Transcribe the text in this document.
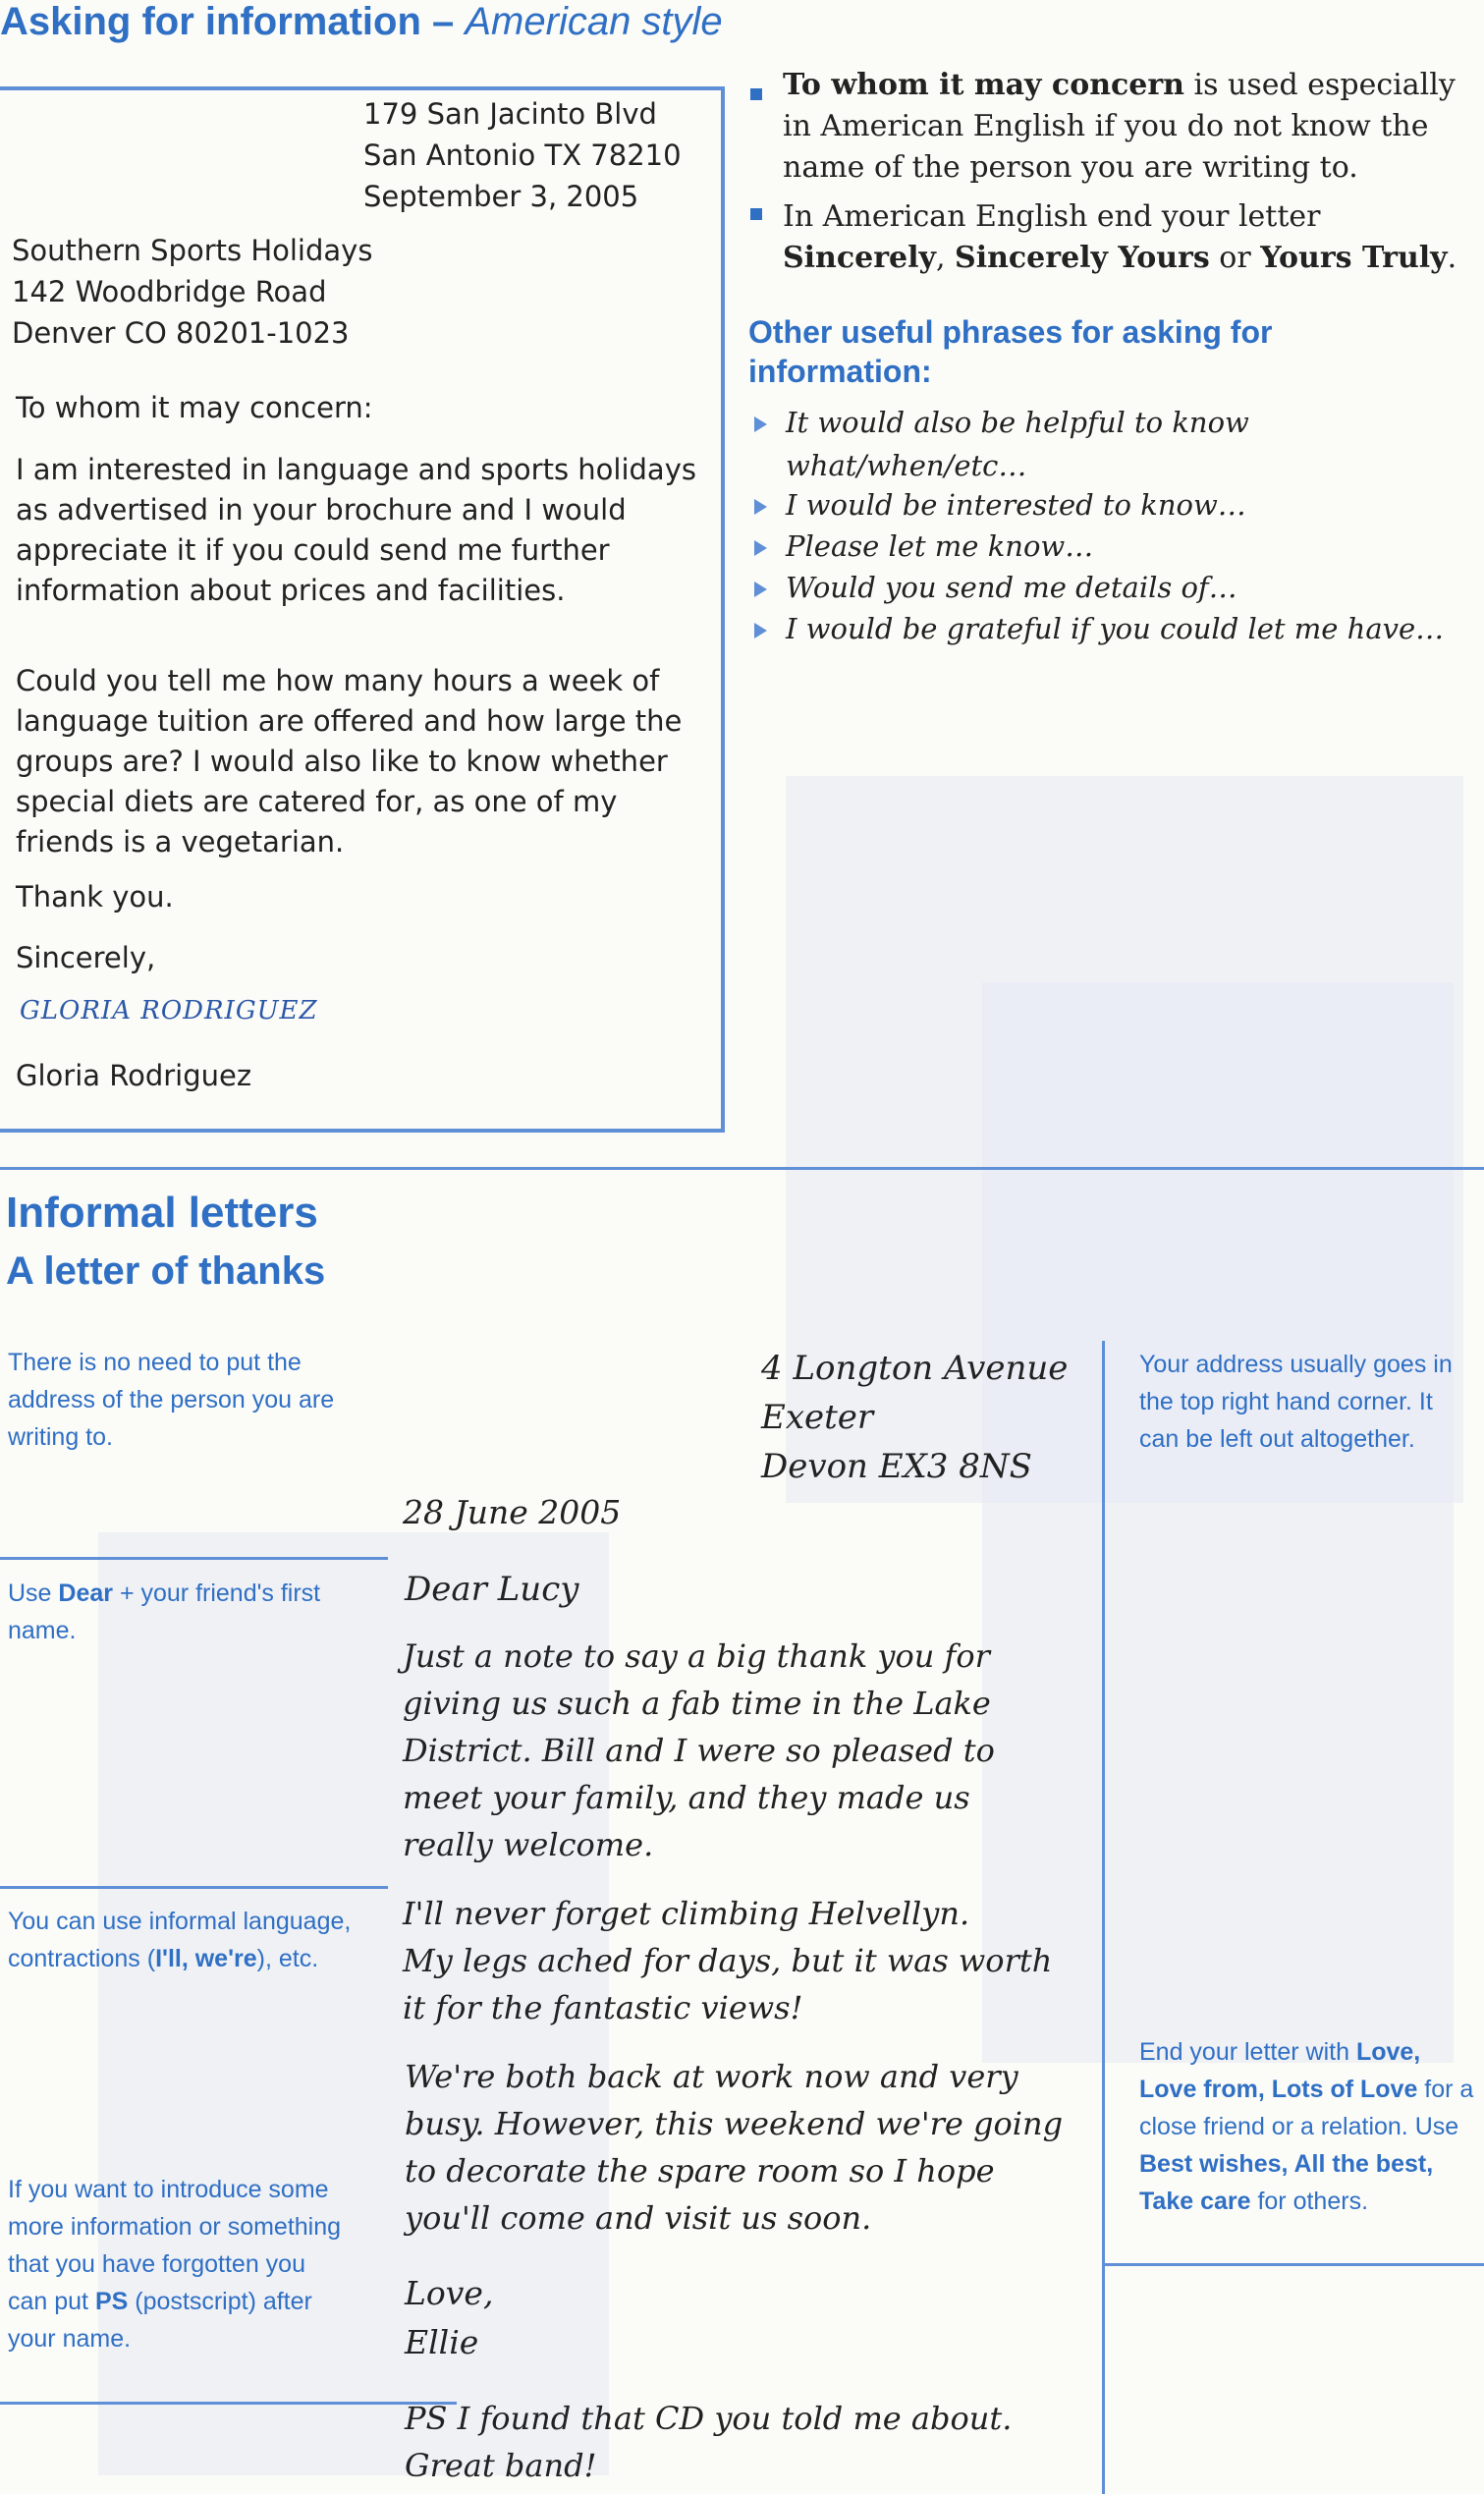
Asking for information – American style
179 San Jacinto Blvd
San Antonio TX 78210
September 3, 2005
Southern Sports Holidays
142 Woodbridge Road
Denver CO 80201-1023
To whom it may concern:
I am interested in language and sports holidays as advertised in your brochure and I would appreciate it if you could send me further information about prices and facilities.
Could you tell me how many hours a week of language tuition are offered and how large the groups are? I would also like to know whether special diets are catered for, as one of my friends is a vegetarian.
Thank you.
Sincerely,
GLORIA RODRIGUEZ
Gloria Rodriguez
To whom it may concern is used especially in American English if you do not know the name of the person you are writing to.
In American English end your letter Sincerely, Sincerely Yours or Yours Truly.
Other useful phrases for asking for information:
It would also be helpful to know
what/when/etc…
I would be interested to know…
Please let me know…
Would you send me details of…
I would be grateful if you could let me have…
Informal letters
A letter of thanks
There is no need to put the address of the person you are writing to.
Use Dear + your friend's first name.
You can use informal language, contractions (I'll, we're), etc.
If you want to introduce some more information or something that you have forgotten you can put PS (postscript) after your name.
Your address usually goes in the top right hand corner. It can be left out altogether.
End your letter with Love, Love from, Lots of Love for a close friend or a relation. Use Best wishes, All the best, Take care for others.
4 Longton Avenue
Exeter
Devon EX3 8NS
28 June 2005
Dear Lucy
Just a note to say a big thank you for
giving us such a fab time in the Lake
District. Bill and I were so pleased to
meet your family, and they made us
really welcome.
I'll never forget climbing Helvellyn.
My legs ached for days, but it was worth
it for the fantastic views!
We're both back at work now and very
busy. However, this weekend we're going
to decorate the spare room so I hope
you'll come and visit us soon.
Love,
Ellie
PS I found that CD you told me about.
Great band!
